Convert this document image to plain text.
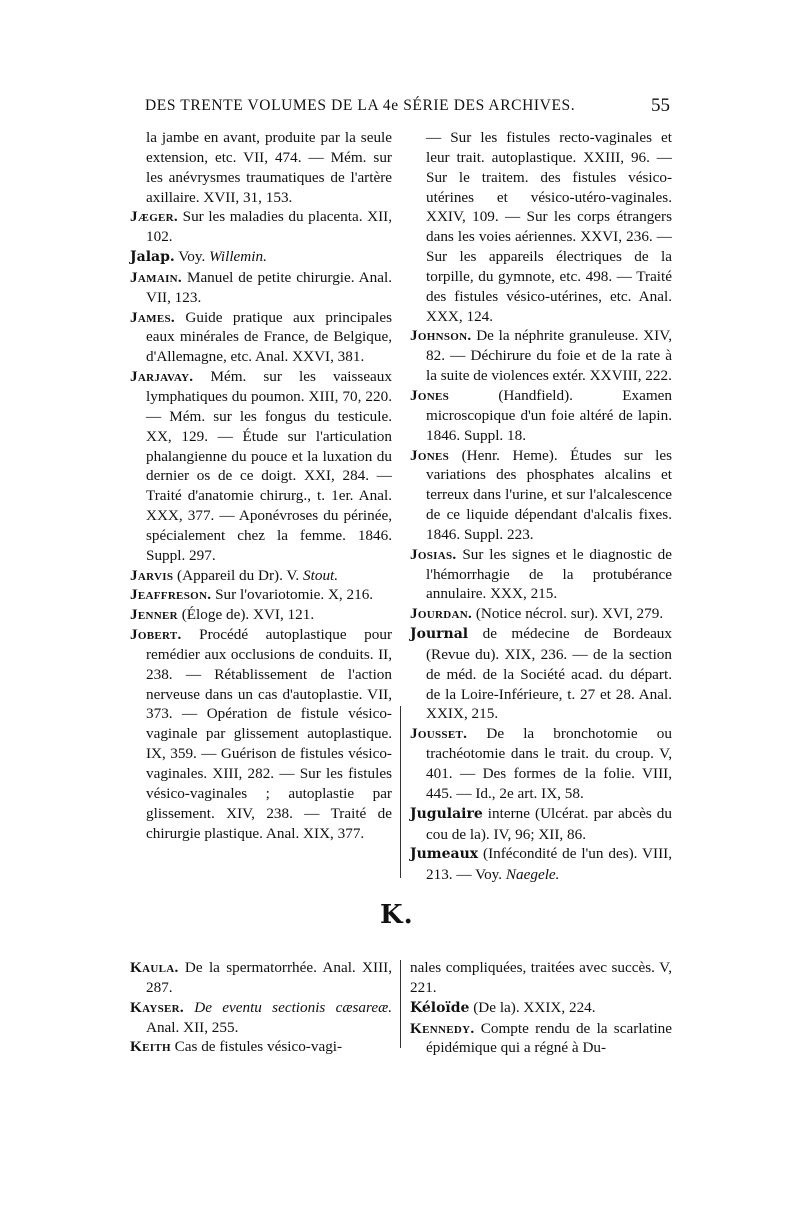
DES TRENTE VOLUMES DE LA 4e SÉRIE DES ARCHIVES.	55

la jambe en avant, produite par la seule extension, etc. VII, 474. — Mém. sur les anévrysmes traumatiques de l'artère axillaire. XVII, 31, 153.

Jæger. Sur les maladies du placenta. XII, 102.

Jalap. Voy. Willemin.

Jamain. Manuel de petite chirurgie. Anal. VII, 123.

James. Guide pratique aux principales eaux minérales de France, de Belgique, d'Allemagne, etc. Anal. XXVI, 381.

Jarjavay. Mém. sur les vaisseaux lymphatiques du poumon. XIII, 70, 220. — Mém. sur les fongus du testicule. XX, 129. — Étude sur l'articulation phalangienne du pouce et la luxation du dernier os de ce doigt. XXI, 284. — Traité d'anatomie chirurg., t. 1er. Anal. XXX, 377. — Aponévroses du périnée, spécialement chez la femme. 1846. Suppl. 297.

Jarvis (Appareil du Dr). V. Stout.

Jeaffreson. Sur l'ovariotomie. X, 216.

Jenner (Éloge de). XVI, 121.

Jobert. Procédé autoplastique pour remédier aux occlusions de conduits. II, 238. — Rétablissement de l'action nerveuse dans un cas d'autoplastie. VII, 373. — Opération de fistule vésico-vaginale par glissement autoplastique. IX, 359. — Guérison de fistules vésico-vaginales. XIII, 282. — Sur les fistules vésico-vaginales ; autoplastie par glissement. XIV, 238. — Traité de chirurgie plastique. Anal. XIX, 377.

— Sur les fistules recto-vaginales et leur trait. autoplastique. XXIII, 96. — Sur le traitem. des fistules vésico-utérines et vésico-utéro-vaginales. XXIV, 109. — Sur les corps étrangers dans les voies aériennes. XXVI, 236. — Sur les appareils électriques de la torpille, du gymnote, etc. 498. — Traité des fistules vésico-utérines, etc. Anal. XXX, 124.

Johnson. De la néphrite granuleuse. XIV, 82. — Déchirure du foie et de la rate à la suite de violences extér. XXVIII, 222.

Jones (Handfield). Examen microscopique d'un foie altéré de lapin. 1846. Suppl. 18.

Jones (Henr. Heme). Études sur les variations des phosphates alcalins et terreux dans l'urine, et sur l'alcalescence de ce liquide dépendant d'alcalis fixes. 1846. Suppl. 223.

Josias. Sur les signes et le diagnostic de l'hémorrhagie de la protubérance annulaire. XXX, 215.

Jourdan. (Notice nécrol. sur). XVI, 279.

Journal de médecine de Bordeaux (Revue du). XIX, 236. — de la section de méd. de la Société acad. du départ. de la Loire-Inférieure, t. 27 et 28. Anal. XXIX, 215.

Jousset. De la bronchotomie ou trachéotomie dans le trait. du croup. V, 401. — Des formes de la folie. VIII, 445. — Id., 2e art. IX, 58.

Jugulaire interne (Ulcérat. par abcès du cou de la). IV, 96; XII, 86.

Jumeaux (Infécondité de l'un des). VIII, 213. — Voy. Naegele.

K.

Kaula. De la spermatorrhée. Anal. XIII, 287.

Kayser. De eventu sectionis cæsareæ. Anal. XII, 255.

Keith Cas de fistules vésico-vagi-

nales compliquées, traitées avec succès. V, 221.

Kéloïde (De la). XXIX, 224.

Kennedy. Compte rendu de la scarlatine épidémique qui a régné à Du-
